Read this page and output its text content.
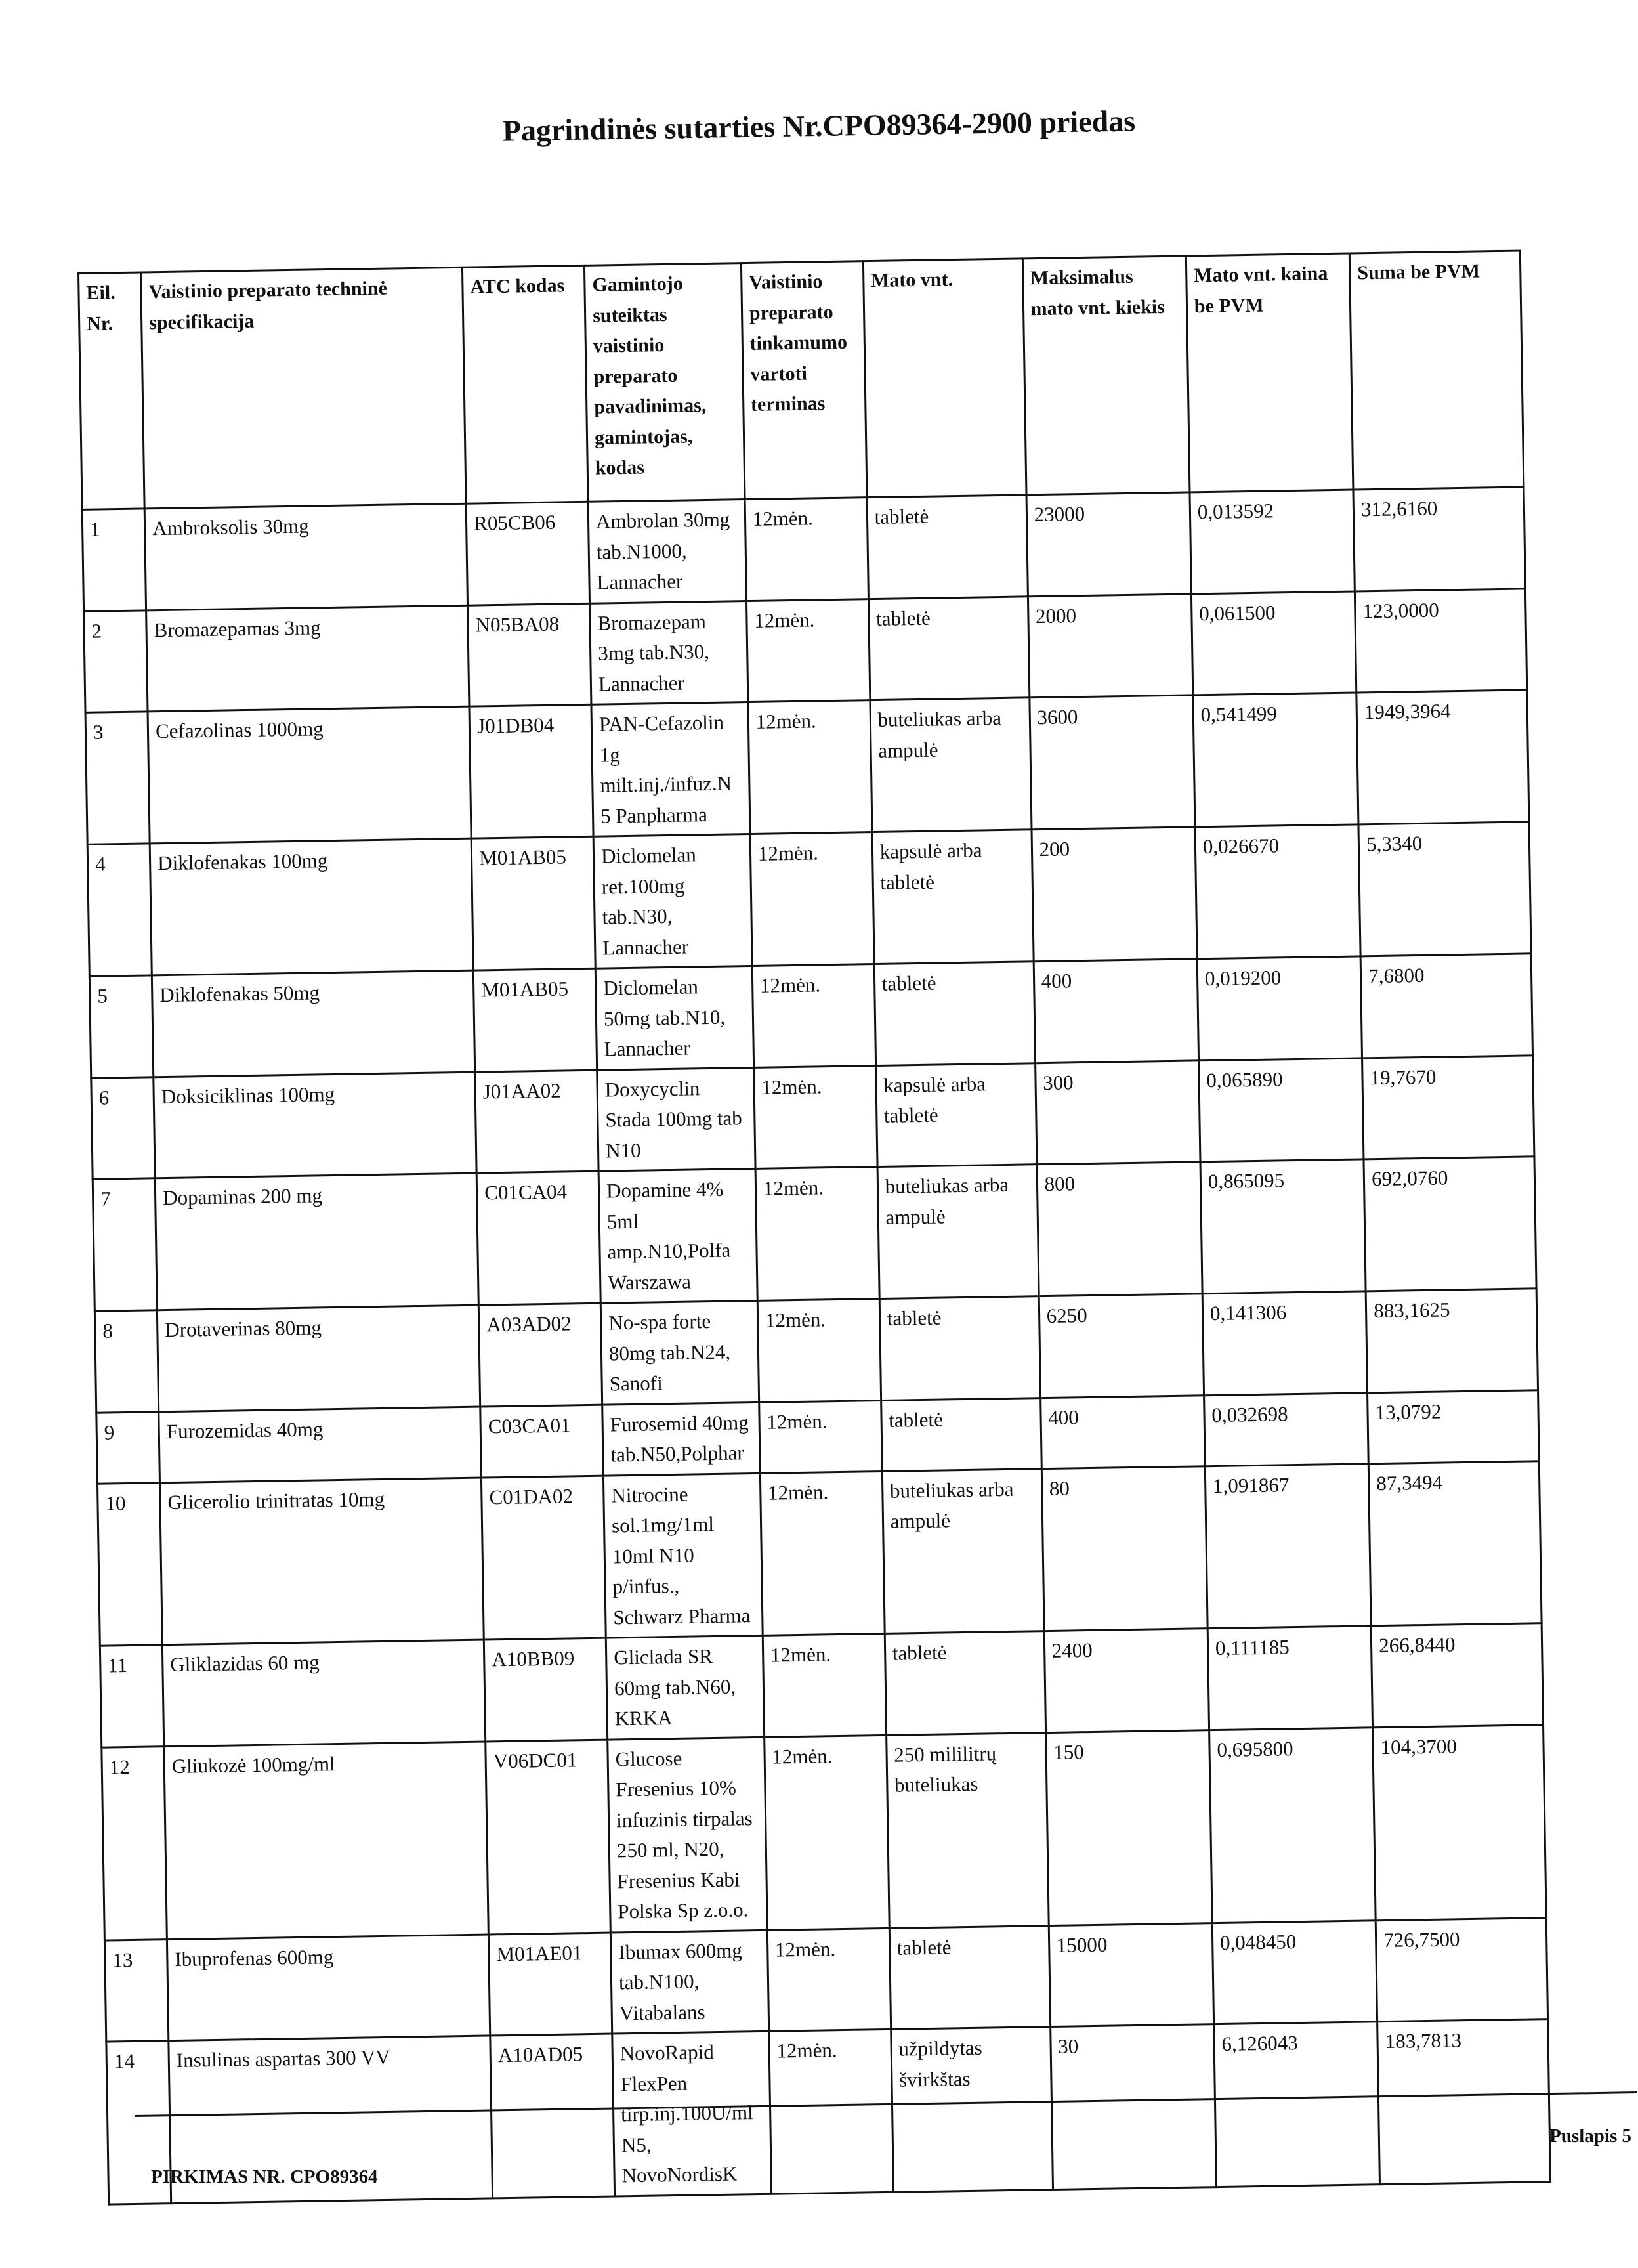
Pagrindinės sutarties Nr.CPO89364-2900 priedas
Eil. Nr.	Vaistinio preparato techninė specifikacija	ATC kodas	Gamintojo suteiktas vaistinio preparato pavadinimas, gamintojas, kodas	Vaistinio preparato tinkamumo vartoti terminas	Mato vnt.	Maksimalus mato vnt. kiekis	Mato vnt. kaina be PVM	Suma be PVM
1	Ambroksolis 30mg	R05CB06	Ambrolan 30mg tab.N1000, Lannacher	12mėn.	tabletė	23000	0,013592	312,6160
2	Bromazepamas 3mg	N05BA08	Bromazepam 3mg tab.N30, Lannacher	12mėn.	tabletė	2000	0,061500	123,0000
3	Cefazolinas 1000mg	J01DB04	PAN-Cefazolin 1g milt.inj./infuz.N5 Panpharma	12mėn.	buteliukas arba ampulė	3600	0,541499	1949,3964
4	Diklofenakas 100mg	M01AB05	Diclomelan ret.100mg tab.N30, Lannacher	12mėn.	kapsulė arba tabletė	200	0,026670	5,3340
5	Diklofenakas 50mg	M01AB05	Diclomelan 50mg tab.N10, Lannacher	12mėn.	tabletė	400	0,019200	7,6800
6	Doksiciklinas 100mg	J01AA02	Doxycyclin Stada 100mg tab N10	12mėn.	kapsulė arba tabletė	300	0,065890	19,7670
7	Dopaminas 200 mg	C01CA04	Dopamine 4% 5ml amp.N10,Polfa Warszawa	12mėn.	buteliukas arba ampulė	800	0,865095	692,0760
8	Drotaverinas 80mg	A03AD02	No-spa forte 80mg tab.N24, Sanofi	12mėn.	tabletė	6250	0,141306	883,1625
9	Furozemidas 40mg	C03CA01	Furosemid 40mg tab.N50,Polphar	12mėn.	tabletė	400	0,032698	13,0792
10	Glicerolio trinitratas 10mg	C01DA02	Nitrocine sol.1mg/1ml 10ml N10 p/infus., Schwarz Pharma	12mėn.	buteliukas arba ampulė	80	1,091867	87,3494
11	Gliklazidas 60 mg	A10BB09	Gliclada SR 60mg tab.N60, KRKA	12mėn.	tabletė	2400	0,111185	266,8440
12	Gliukozė 100mg/ml	V06DC01	Glucose Fresenius 10% infuzinis tirpalas 250 ml, N20, Fresenius Kabi Polska Sp z.o.o.	12mėn.	250 mililitrų buteliukas	150	0,695800	104,3700
13	Ibuprofenas 600mg	M01AE01	Ibumax 600mg tab.N100, Vitabalans	12mėn.	tabletė	15000	0,048450	726,7500
14	Insulinas aspartas 300 VV	A10AD05	NovoRapid FlexPen tirp.inj.100U/ml N5, NovoNordisK	12mėn.	užpildytas švirkštas	30	6,126043	183,7813
Puslapis 5
PIRKIMAS NR. CPO89364
